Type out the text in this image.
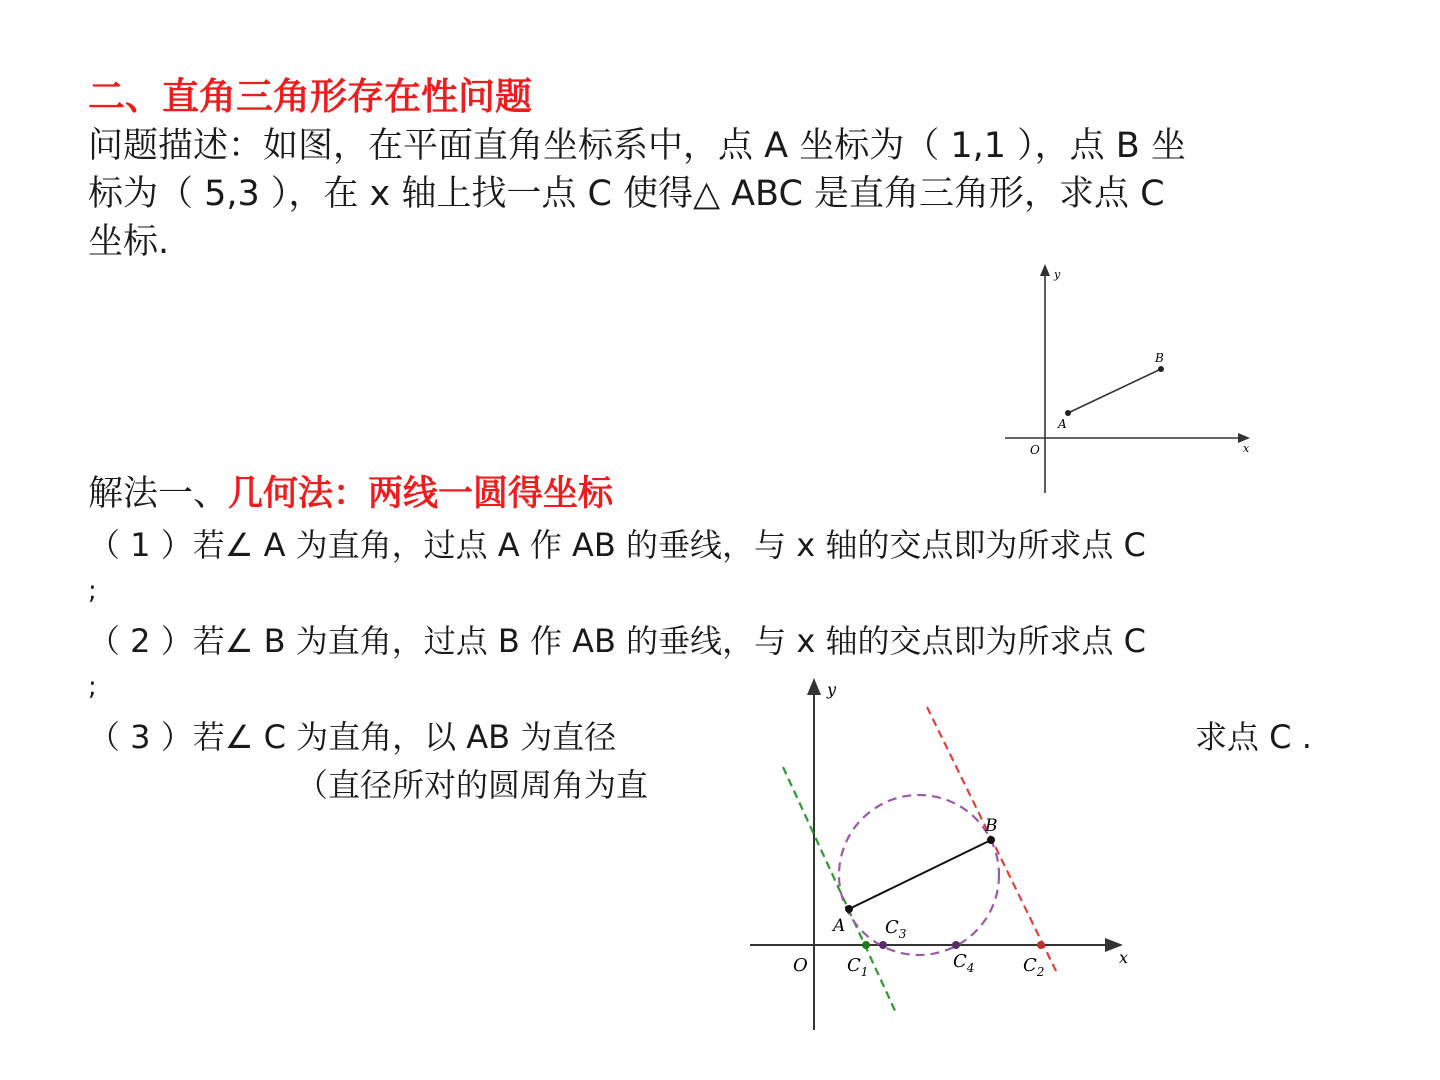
二、直角三角形存在性问题
问题描述：如图，在平面直角坐标系中，点 A 坐标为（ 1,1 ），点 B 坐
标为（ 5,3 ），在 x 轴上找一点 C 使得△ ABC 是直角三角形，求点 C
坐标.
y
x
O
A
B
解法一、几何法：两线一圆得坐标
（ 1 ）若∠ A 为直角，过点 A 作 AB 的垂线，与 x 轴的交点即为所求点 C
;
（ 2 ）若∠ B 为直角，过点 B 作 AB 的垂线，与 x 轴的交点即为所求点 C
;
（ 3 ）若∠ C 为直角，以 AB 为直径	求点 C .
（直径所对的圆周角为直
y
x
O
A
B
$C_1$	$C_2$
$C_3$
$C_4$
